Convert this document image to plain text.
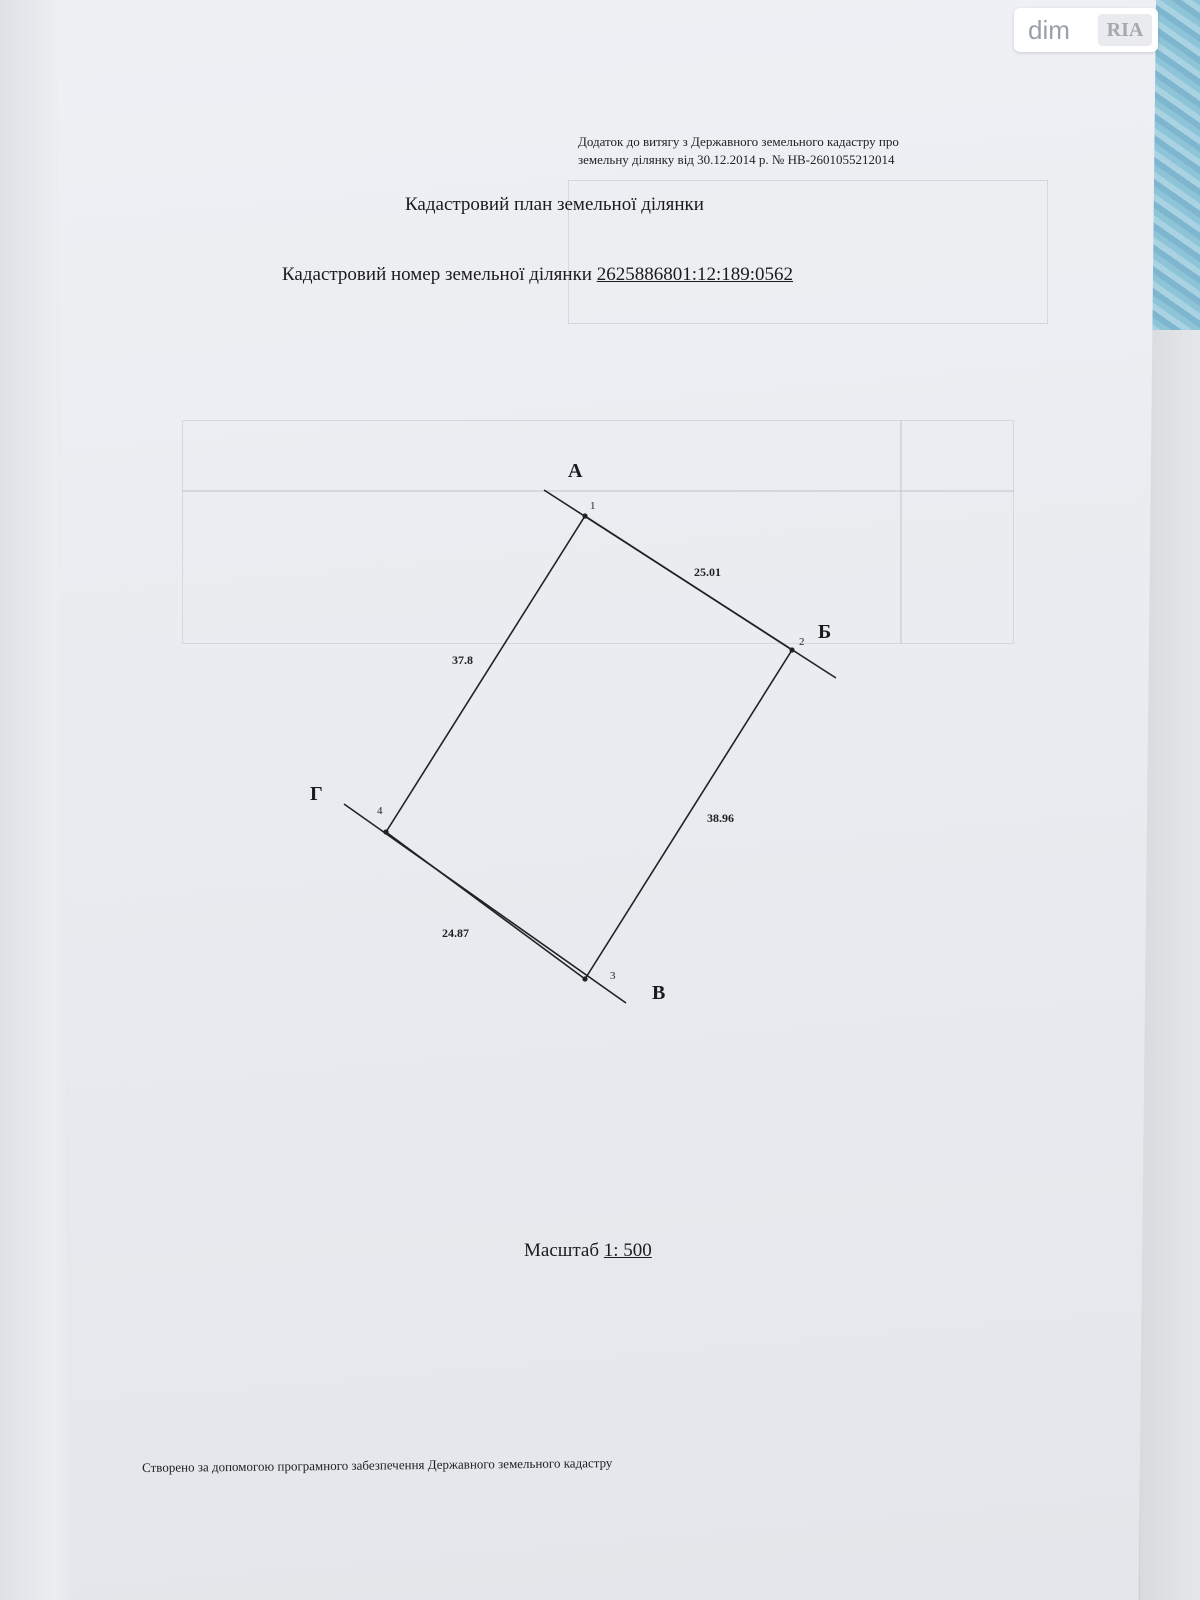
Додаток до витягу з Державного земельного кадастру про
земельну ділянку від 30.12.2014 р. № НВ-2601055212014
Кадастровий план земельної ділянки
Кадастровий номер земельної ділянки 2625886801:12:189:0562
1
2
3
4
А
Б
В
Г
25.01
38.96
24.87
37.8
Масштаб 1: 500
Створено за допомогою програмного забезпечення Державного земельного кадастру
dim	RIA
